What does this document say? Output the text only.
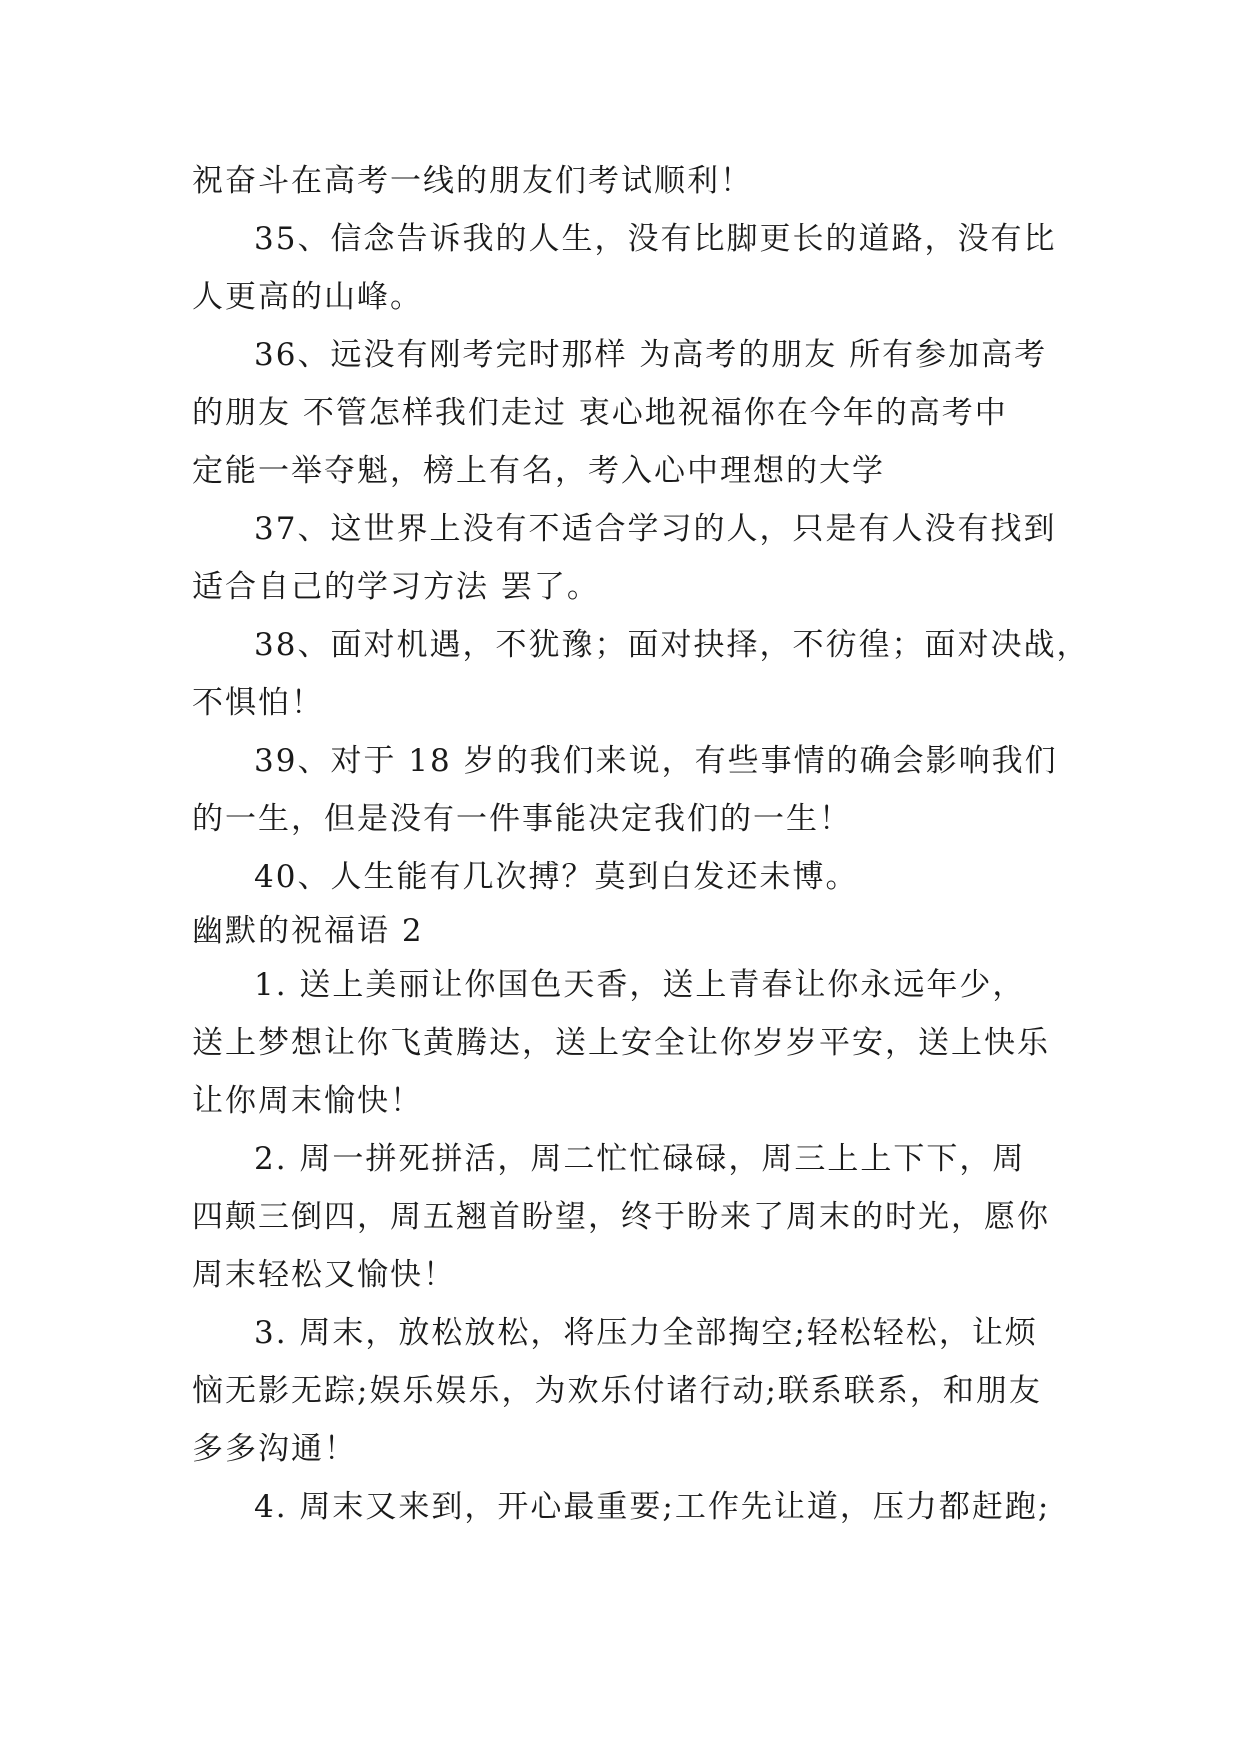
祝奋斗在高考一线的朋友们考试顺利！

35、信念告诉我的人生，没有比脚更长的道路，没有比

人更高的山峰。

36、远没有刚考完时那样 为高考的朋友 所有参加高考

的朋友 不管怎样我们走过 衷心地祝福你在今年的高考中

定能一举夺魁，榜上有名，考入心中理想的大学

37、这世界上没有不适合学习的人，只是有人没有找到

适合自己的学习方法 罢了。

38、面对机遇，不犹豫；面对抉择，不彷徨；面对决战，

不惧怕！

39、对于 18 岁的我们来说，有些事情的确会影响我们

的一生，但是没有一件事能决定我们的一生！

40、人生能有几次搏？莫到白发还未博。

幽默的祝福语 2

1. 送上美丽让你国色天香，送上青春让你永远年少，

送上梦想让你飞黄腾达，送上安全让你岁岁平安，送上快乐

让你周末愉快！

2. 周一拼死拼活，周二忙忙碌碌，周三上上下下，周

四颠三倒四，周五翘首盼望，终于盼来了周末的时光，愿你

周末轻松又愉快！

3. 周末，放松放松，将压力全部掏空;轻松轻松，让烦

恼无影无踪;娱乐娱乐，为欢乐付诸行动;联系联系，和朋友

多多沟通！

4. 周末又来到，开心最重要;工作先让道，压力都赶跑;
